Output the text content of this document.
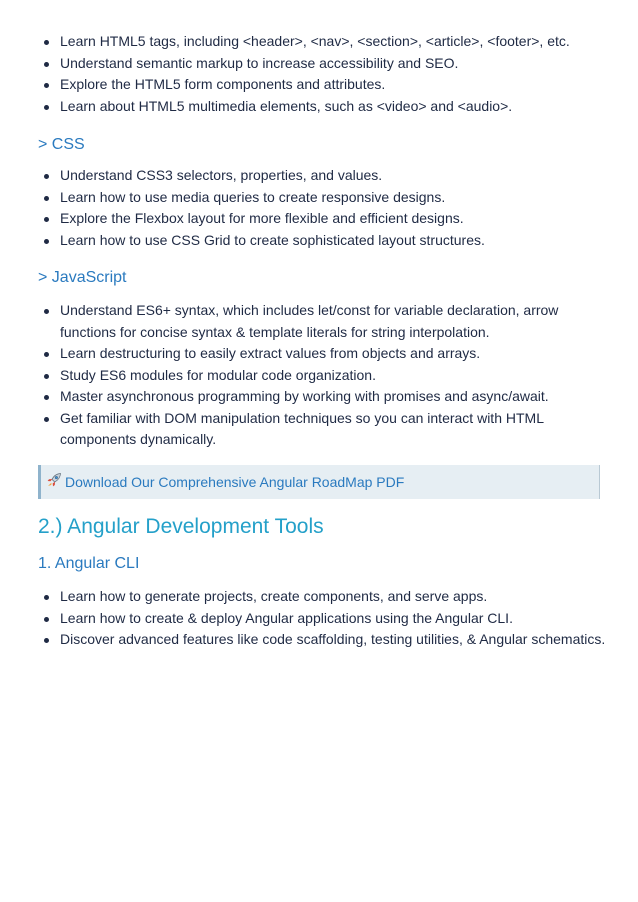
Learn HTML5 tags, including <header>, <nav>, <section>, <article>, <footer>, etc.
Understand semantic markup to increase accessibility and SEO.
Explore the HTML5 form components and attributes.
Learn about HTML5 multimedia elements, such as <video> and <audio>.
> CSS
Understand CSS3 selectors, properties, and values.
Learn how to use media queries to create responsive designs.
Explore the Flexbox layout for more flexible and efficient designs.
Learn how to use CSS Grid to create sophisticated layout structures.
> JavaScript
Understand ES6+ syntax, which includes let/const for variable declaration, arrow functions for concise syntax & template literals for string interpolation.
Learn destructuring to easily extract values from objects and arrays.
Study ES6 modules for modular code organization.
Master asynchronous programming by working with promises and async/await.
Get familiar with DOM manipulation techniques so you can interact with HTML components dynamically.
Download Our Comprehensive Angular RoadMap PDF
2.) Angular Development Tools
1. Angular CLI
Learn how to generate projects, create components, and serve apps.
Learn how to create & deploy Angular applications using the Angular CLI.
Discover advanced features like code scaffolding, testing utilities, & Angular schematics.
